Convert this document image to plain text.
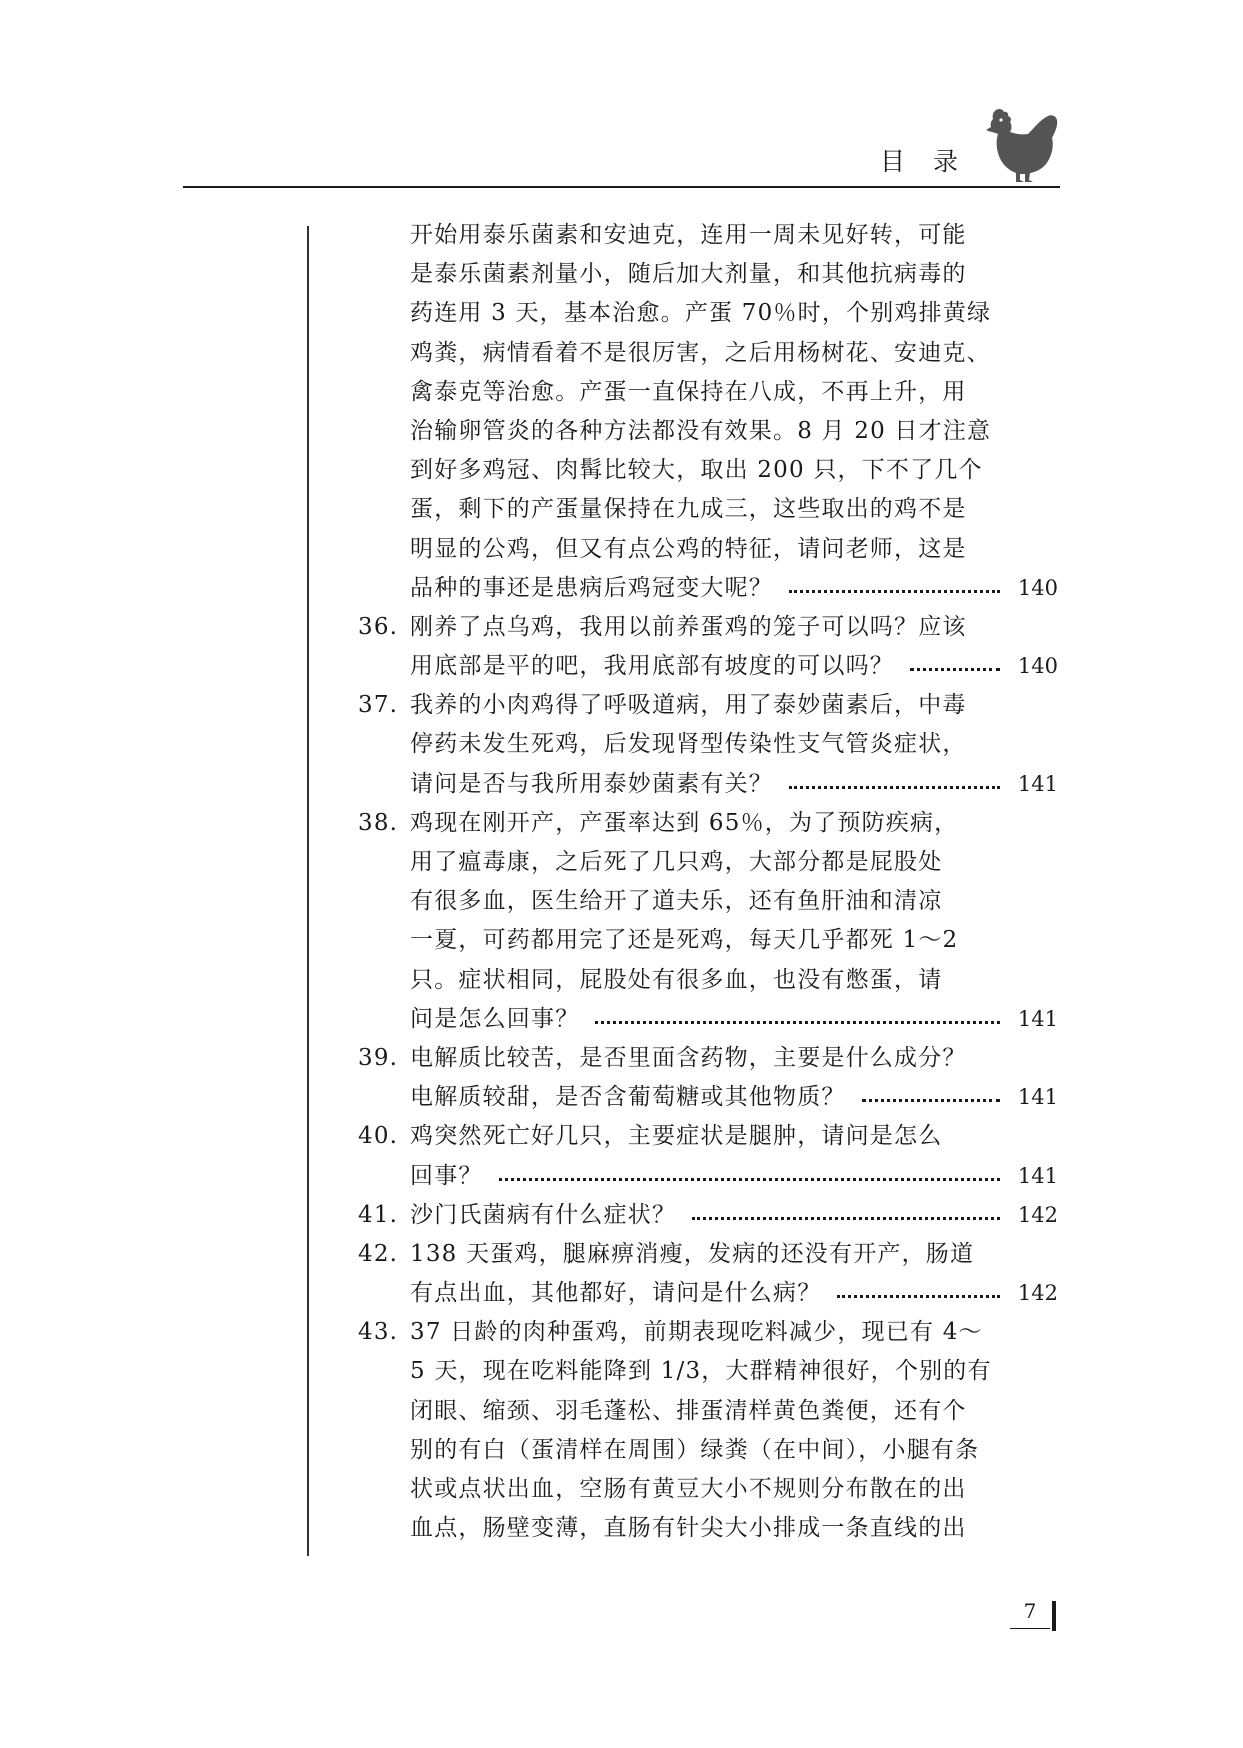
目录
开始用泰乐菌素和安迪克，连用一周未见好转，可能
是泰乐菌素剂量小，随后加大剂量，和其他抗病毒的
药连用 3 天，基本治愈。产蛋 70％时，个别鸡排黄绿
鸡粪，病情看着不是很厉害，之后用杨树花、安迪克、
禽泰克等治愈。产蛋一直保持在八成，不再上升，用
治输卵管炎的各种方法都没有效果。8 月 20 日才注意
到好多鸡冠、肉髯比较大，取出 200 只，下不了几个
蛋，剩下的产蛋量保持在九成三，这些取出的鸡不是
明显的公鸡，但又有点公鸡的特征，请问老师，这是
品种的事还是患病后鸡冠变大呢？	140
36. 刚养了点乌鸡，我用以前养蛋鸡的笼子可以吗？应该
用底部是平的吧，我用底部有坡度的可以吗？	140
37. 我养的小肉鸡得了呼吸道病，用了泰妙菌素后，中毒
停药未发生死鸡，后发现肾型传染性支气管炎症状，
请问是否与我所用泰妙菌素有关？	141
38. 鸡现在刚开产，产蛋率达到 65％，为了预防疾病，
用了瘟毒康，之后死了几只鸡，大部分都是屁股处
有很多血，医生给开了道夫乐，还有鱼肝油和清凉
一夏，可药都用完了还是死鸡，每天几乎都死 1～2
只。症状相同，屁股处有很多血，也没有憋蛋，请
问是怎么回事？	141
39. 电解质比较苦，是否里面含药物，主要是什么成分？
电解质较甜，是否含葡萄糖或其他物质？	141
40. 鸡突然死亡好几只，主要症状是腿肿，请问是怎么
回事？	141
41. 沙门氏菌病有什么症状？	142
42. 138 天蛋鸡，腿麻痹消瘦，发病的还没有开产，肠道
有点出血，其他都好，请问是什么病？	142
43. 37 日龄的肉种蛋鸡，前期表现吃料减少，现已有 4～
5 天，现在吃料能降到 1/3，大群精神很好，个别的有
闭眼、缩颈、羽毛蓬松、排蛋清样黄色粪便，还有个
别的有白（蛋清样在周围）绿粪（在中间），小腿有条
状或点状出血，空肠有黄豆大小不规则分布散在的出
血点，肠壁变薄，直肠有针尖大小排成一条直线的出
7
